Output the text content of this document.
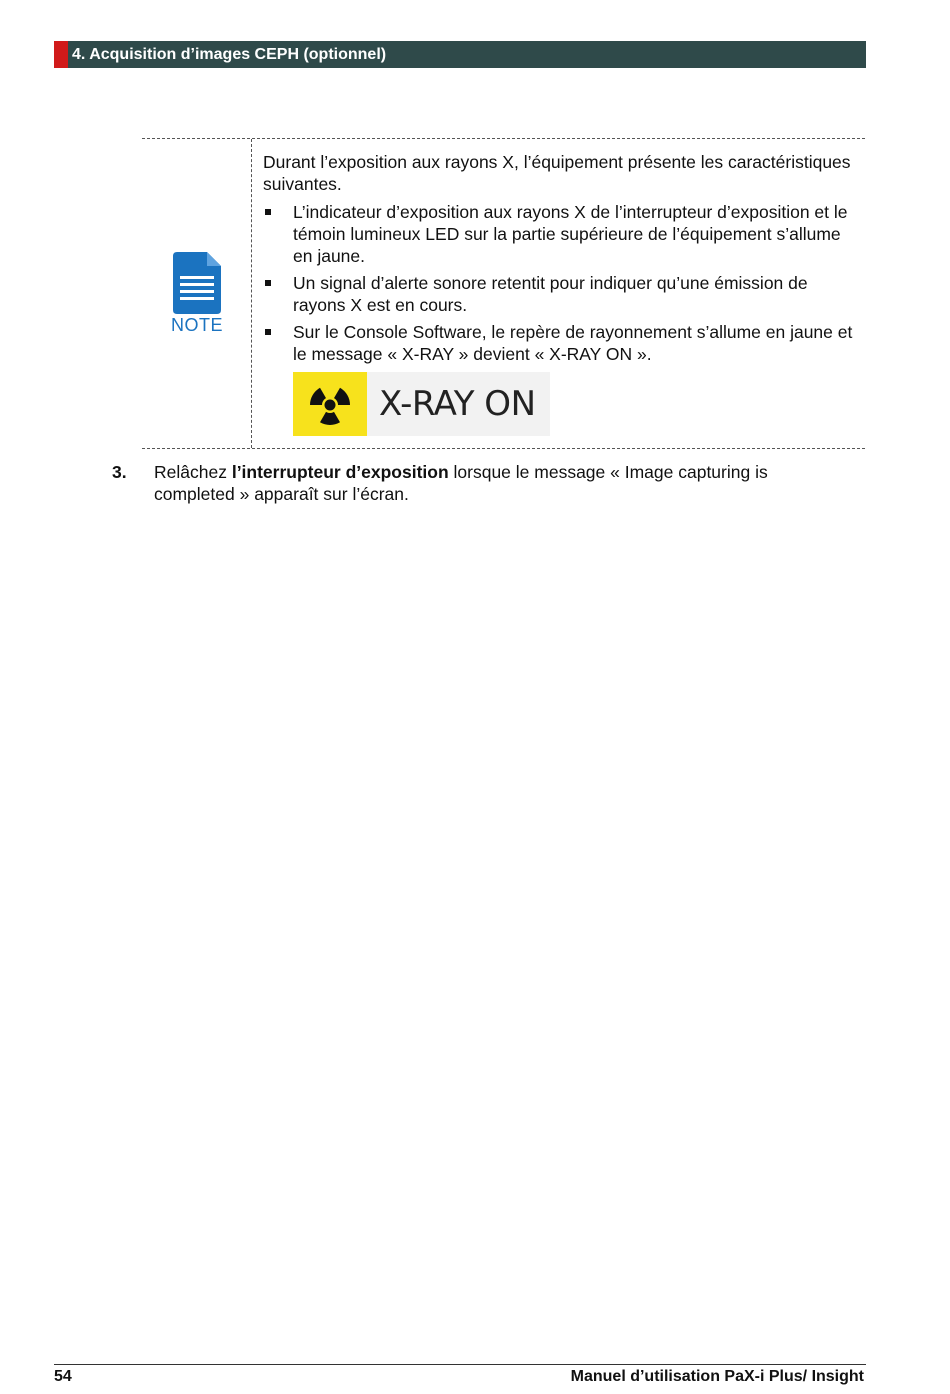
4. Acquisition d’images CEPH (optionnel)
NOTE

Durant l’exposition aux rayons X, l’équipement présente les caractéristiques suivantes.

L’indicateur d’exposition aux rayons X de l’interrupteur d’exposition et le témoin lumineux LED sur la partie supérieure de l’équipement s’allume en jaune.
Un signal d’alerte sonore retentit pour indiquer qu’une émission de rayons X est en cours.
Sur le Console Software, le repère de rayonnement s’allume en jaune et le message « X-RAY » devient « X-RAY ON ».
X-RAY ON
3. Relâchez l’interrupteur d’exposition lorsque le message « Image capturing is completed » apparaît sur l’écran.
54	Manuel d’utilisation PaX-i Plus/ Insight
